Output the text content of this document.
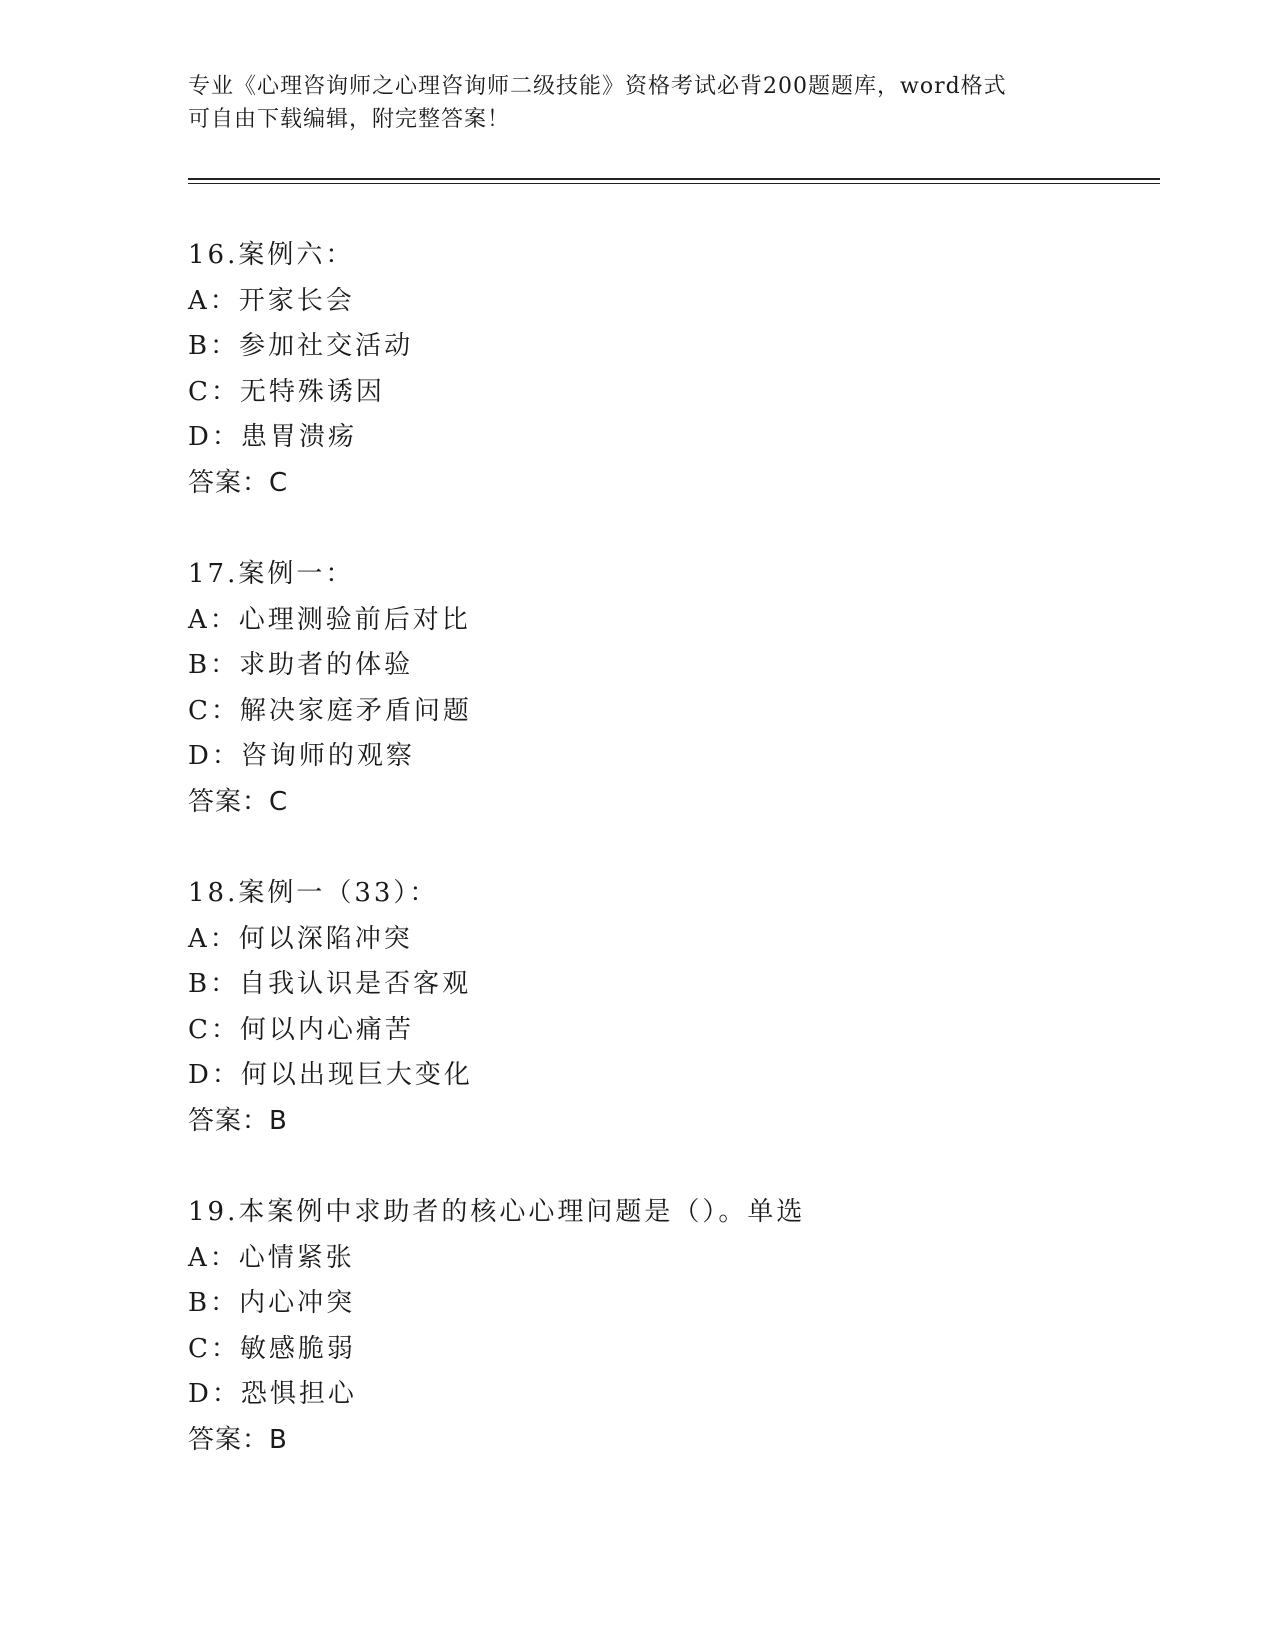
专业《心理咨询师之心理咨询师二级技能》资格考试必背200题题库，word格式
可自由下载编辑，附完整答案！
16.案例六：
A：开家长会
B：参加社交活动
C：无特殊诱因
D：患胃溃疡
答案：C
17.案例一：
A：心理测验前后对比
B：求助者的体验
C：解决家庭矛盾问题
D：咨询师的观察
答案：C
18.案例一（33）：
A：何以深陷冲突
B：自我认识是否客观
C：何以内心痛苦
D：何以出现巨大变化
答案：B
19.本案例中求助者的核心心理问题是（）。单选
A：心情紧张
B：内心冲突
C：敏感脆弱
D：恐惧担心
答案：B
